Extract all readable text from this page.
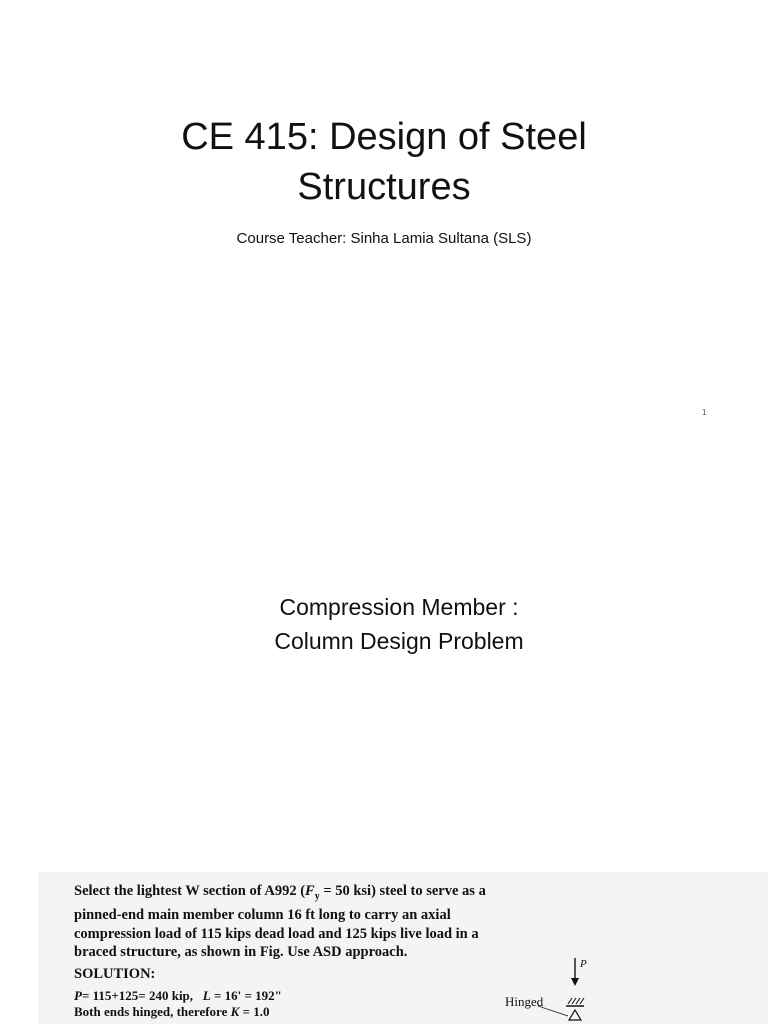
CE 415: Design of Steel
Structures
Course Teacher: Sinha Lamia Sultana (SLS)
1
Compression Member :
Column Design Problem
Select the lightest W section of A992 ($F_y = 50$ ksi) steel to serve as a
pinned-end main member column 16 ft long to carry an axial
compression load of 115 kips dead load and 125 kips live load in a
braced structure, as shown in Fig. Use ASD approach.
SOLUTION:
P= 115+125= 240 kip,   L = 16' = 192"
Both ends hinged, therefore K = 1.0
Hinged
P
